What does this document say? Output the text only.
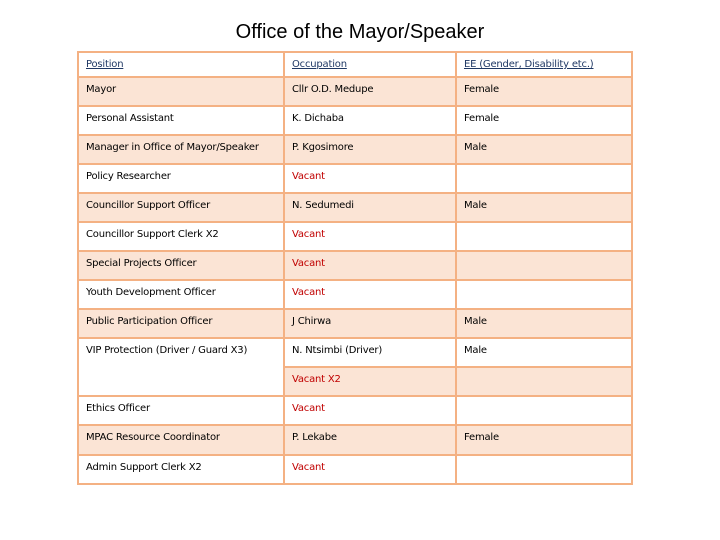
Office of the Mayor/Speaker
Position	Occupation	EE (Gender, Disability etc.)
Mayor	Cllr O.D. Medupe	Female
Personal Assistant	K. Dichaba	Female
Manager in Office of Mayor/Speaker	P. Kgosimore	Male
Policy Researcher	Vacant	
Councillor Support Officer	N. Sedumedi	Male
Councillor Support Clerk X2	Vacant	
Special Projects Officer	Vacant	
Youth Development Officer	Vacant	
Public Participation Officer	J Chirwa	Male
VIP Protection (Driver / Guard X3)	N. Ntsimbi (Driver)	Male
	Vacant X2	
Ethics Officer	Vacant	
MPAC Resource Coordinator	P. Lekabe	Female
Admin Support Clerk X2	Vacant	
